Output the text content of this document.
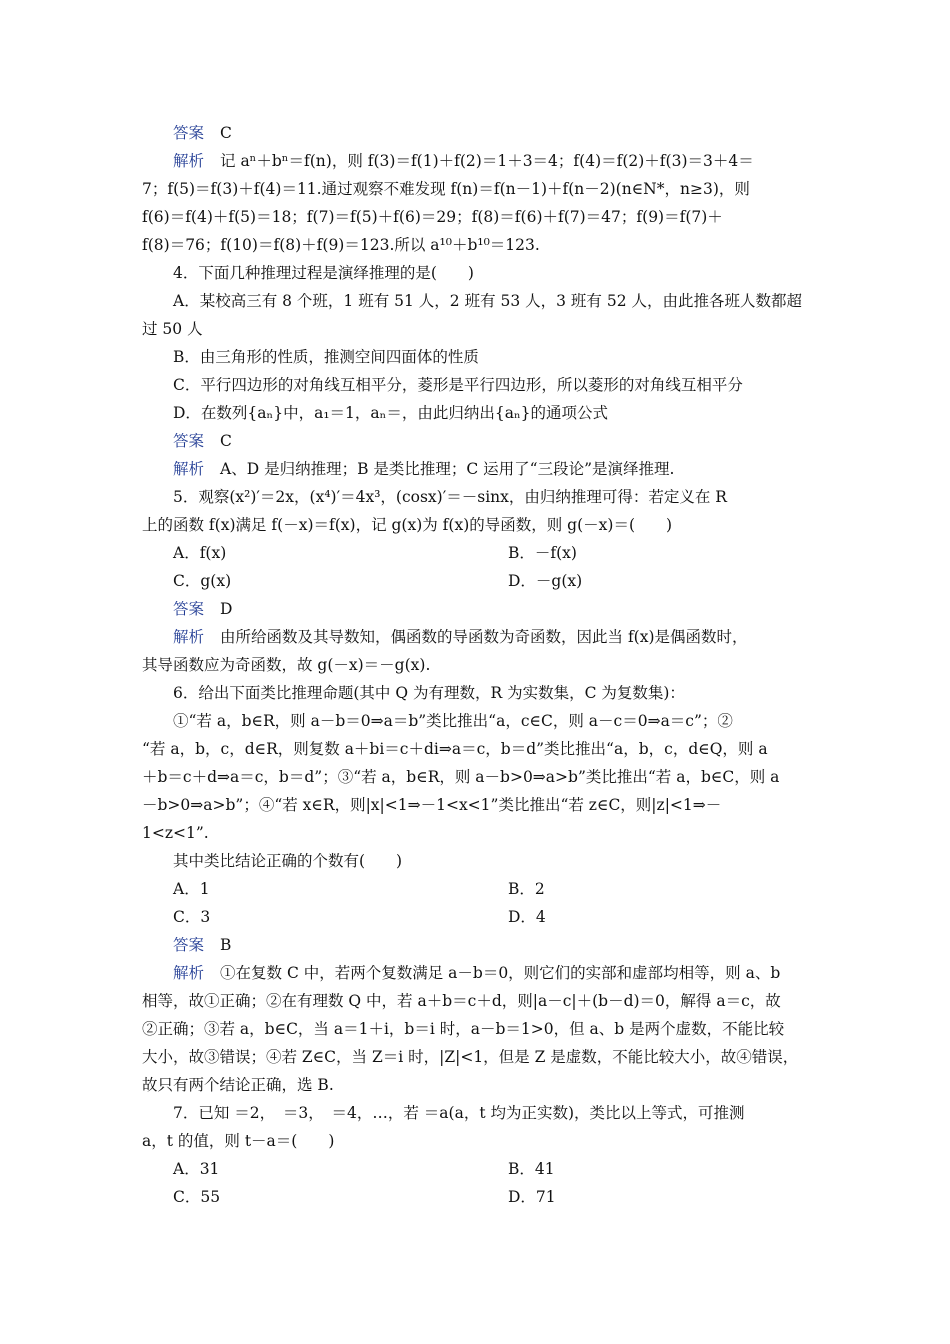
答案 C
解析 记 aⁿ＋bⁿ＝f(n)，则 f(3)＝f(1)＋f(2)＝1＋3＝4；f(4)＝f(2)＋f(3)＝3＋4＝
7；f(5)＝f(3)＋f(4)＝11.通过观察不难发现 f(n)＝f(n－1)＋f(n－2)(n∈N*，n≥3)，则
f(6)＝f(4)＋f(5)＝18；f(7)＝f(5)＋f(6)＝29；f(8)＝f(6)＋f(7)＝47；f(9)＝f(7)＋
f(8)＝76；f(10)＝f(8)＋f(9)＝123.所以 a¹⁰＋b¹⁰＝123.
4．下面几种推理过程是演绎推理的是(　　)
A．某校高三有 8 个班，1 班有 51 人，2 班有 53 人，3 班有 52 人，由此推各班人数都超
过 50 人
B．由三角形的性质，推测空间四面体的性质
C．平行四边形的对角线互相平分，菱形是平行四边形，所以菱形的对角线互相平分
D．在数列{aₙ}中，a₁＝1，aₙ＝，由此归纳出{aₙ}的通项公式
答案 C
解析 A、D 是归纳推理；B 是类比推理；C 运用了“三段论”是演绎推理.
5．观察(x²)′＝2x，(x⁴)′＝4x³，(cosx)′＝－sinx，由归纳推理可得：若定义在 R
上的函数 f(x)满足 f(－x)＝f(x)，记 g(x)为 f(x)的导函数，则 g(－x)＝(　　)
A．f(x)	B．－f(x)
C．g(x)	D．－g(x)
答案 D
解析 由所给函数及其导数知，偶函数的导函数为奇函数，因此当 f(x)是偶函数时，
其导函数应为奇函数，故 g(－x)＝－g(x).
6．给出下面类比推理命题(其中 Q 为有理数，R 为实数集，C 为复数集)：
①“若 a，b∈R，则 a－b＝0⇒a＝b”类比推出“a，c∈C，则 a－c＝0⇒a＝c”；②
“若 a，b，c，d∈R，则复数 a＋bi＝c＋di⇒a＝c，b＝d”类比推出“a，b，c，d∈Q，则 a
＋b＝c＋d⇒a＝c，b＝d”；③“若 a，b∈R，则 a－b>0⇒a>b”类比推出“若 a，b∈C，则 a
－b>0⇒a>b”；④“若 x∈R，则|x|<1⇒－1<x<1”类比推出“若 z∈C，则|z|<1⇒－
1<z<1”.
其中类比结论正确的个数有(　　)
A．1	B．2
C．3	D．4
答案 B
解析 ①在复数 C 中，若两个复数满足 a－b＝0，则它们的实部和虚部均相等，则 a、b
相等，故①正确；②在有理数 Q 中，若 a＋b＝c＋d，则|a－c|＋(b－d)＝0，解得 a＝c，故
②正确；③若 a，b∈C，当 a＝1＋i，b＝i 时，a－b＝1>0，但 a、b 是两个虚数，不能比较
大小，故③错误；④若 Z∈C，当 Z＝i 时，|Z|<1，但是 Z 是虚数，不能比较大小，故④错误，
故只有两个结论正确，选 B.
7．已知 ＝2，　＝3，　＝4，…，若 ＝a(a，t 均为正实数)，类比以上等式，可推测
a，t 的值，则 t－a＝(　　)
A．31	B．41
C．55	D．71
